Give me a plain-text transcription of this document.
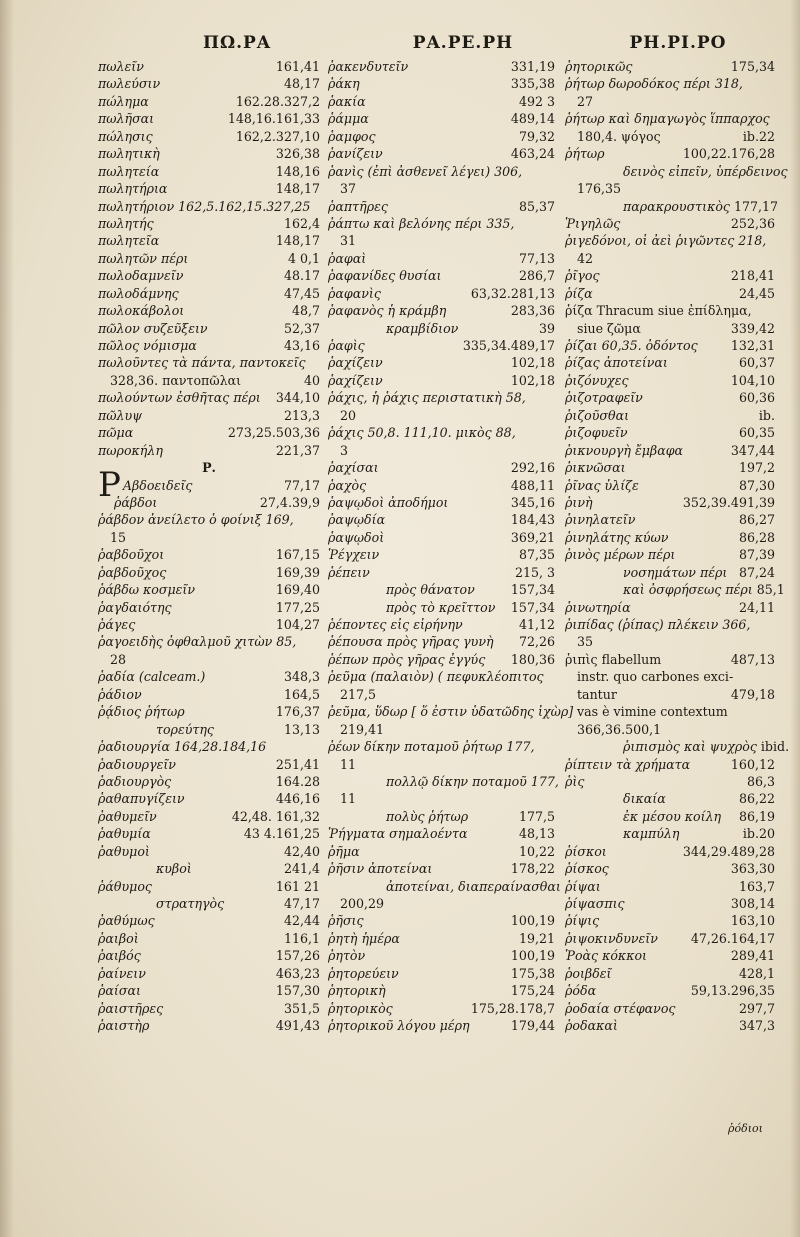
ΠΩ.ΡΑ	ΡΑ.ΡΕ.ΡΗ	ΡΗ.ΡΙ.ΡΟ
πωλεῖν	161,41
πωλεύσιν	48,17
πώλημα	162.28.327,2
πωλῆσαι	148,16.161,33
πώλησις	162,2.327,10
πωλητικὴ	326,38
πωλητεία	148,16
πωλητήρια	148,17
πωλητήριον 162,5.162,15.327,25
πωλητής	162,4
πωλητεῖα	148,17
πωλητῶν πέρι	4 0,1
πωλοδαμνεῖν	48.17
πωλοδάμνης	47,45
πωλοκάβολοι	48,7
πῶλον συζεῦξειν	52,37
πῶλος νόμισμα	43,16
πωλοῦντες τὰ πάντα, παντοκεῖς
328,36. παντοπῶλαι	40
πωλούντων ἐσθῆτας πέρι	344,10
πῶλυψ	213,3
πῶμα	273,25.503,36
πωροκήλη	221,37
Ρ.
ΡΑβδοειδεῖς	77,17
ῥάβδοι	27,4.39,9
ῥάβδον ἀνείλετο ὁ φοίνιξ 169,
15
ῥαβδοῦχοι	167,15
ῥαβδοῦχος	169,39
ῥάβδω κοσμεῖν	169,40
ῥαγδαιότης	177,25
ῥάγες	104,27
ῥαγοειδὴς ὀφθαλμοῦ χιτὼν 85,
28
ῥαδία (calceam.)	348,3
ῥάδιον	164,5
ῥᾴδιος ῥήτωρ	176,37
τορεύτης	13,13
ῥαδιουργία 164,28.184,16
ῥαδιουργεῖν	251,41
ῥαδιουργὸς	164.28
ῥαθαπυγίζειν	446,16
ῥαθυμεῖν	42,48. 161,32
ῥαθυμία	43 4.161,25
ῥαθυμοὶ	42,40
κυβοὶ	241,4
ῥάθυμος	161 21
στρατηγὸς	47,17
ῥαθύμως	42,44
ῥαιβοὶ	116,1
ῥαιβός	157,26
ῥαίνειν	463,23
ῥαίσαι	157,30
ῥαιστῆρες	351,5
ῥαιστὴρ	491,43
ῥακενδυτεῖν	331,19
ῥάκη	335,38
ῥακία	492 3
ῥάμμα	489,14
ῥαμφος	79,32
ῥανίζειν	463,24
ῥανὶς (ἐπὶ ἀσθενεῖ λέγει) 306,
37
ῥαπτῆρες	85,37
ῥάπτω καὶ βελόνης πέρι 335,
31
ῥαφαὶ	77,13
ῥαφανίδες θυσίαι	286,7
ῥαφανὶς	63,32.281,13
ῥαφανὸς ἡ κράμβη	283,36
κραμβίδιον	39
ῥαφὶς	335,34.489,17
ῥαχίζειν	102,18
ῥαχίζειν	102,18
ῥάχις, ἡ ῥάχις περιστατικὴ 58,
20
ῥάχις 50,8. 111,10. μικὸς 88,
3
ῥαχίσαι	292,16
ῥαχὸς	488,11
ῥαψῳδοὶ ἀποδήμοι	345,16
ῥαψῳδία	184,43
ῥαψῳδοὶ	369,21
Ῥέγχειν	87,35
ῥέπειν	215, 3
πρὸς θάνατον	157,34
πρὸς τὸ κρεῖττον	157,34
ῥέποντες εἰς εἰρήνην	41,12
ῥέπουσα πρὸς γῆρας γυνὴ	72,26
ῥέπων πρὸς γῆρας ἐγγύς	180,36
ῥεῦμα (παλαιὸν) ( πεφυκλέοπιτος
217,5
ῥεῦμα, ὕδωρ [ ὅ ἐστιν ὑδατῶδης ἰχὼρ]
219,41
ῥέων δίκην ποταμοῦ ῥήτωρ 177,
11
πολλῷ δίκην ποταμοῦ 177,
11
πολὺς ῥήτωρ	177,5
Ῥήγματα σημαλοέντα	48,13
ῥῆμα	10,22
ῥῆσιν ἀποτείναι	178,22
ἀποτείναι, διαπεραίνασθαι
200,29
ῥῆσις	100,19
ῥητὴ ἡμέρα	19,21
ῥητὸν	100,19
ῥητορεύειν	175,38
ῥητορικὴ	175,24
ῥητορικὸς	175,28.178,7
ῥητορικοῦ λόγου μέρη	179,44
ῥητορικῶς	175,34
ῥήτωρ δωροδόκος πέρι 318,
27
ῥήτωρ καὶ δημαγωγὸς ἵππαρχος
180,4. ψόγος	ib.22
ῥήτωρ	100,22.176,28
δεινὸς εἰπεῖν, ὑπέρδεινος
176,35
παρακρουστικὸς 177,17
Ῥιγηλῶς	252,36
ῥιγεδόνοι, οἱ ἀεὶ ῥιγῶντες 218,
42
ῥῖγος	218,41
ῥίζα	24,45
ῥίζα Thracum siue ἐπίδλημα,
siue ζῶμα	339,42
ῥίζαι 60,35. ὀδόντος	132,31
ῥίζας ἀποτείναι	60,37
ῥιζόνυχες	104,10
ῥιζοτραφεῖν	60,36
ῥιζοῦσθαι	ib.
ῥιζοφυεῖν	60,35
ῥικνουργὴ ἔμβαφα	347,44
ῥικνῶσαι	197,2
ῥῖνας ὑλίζε	87,30
ῥινὴ	352,39.491,39
ῥινηλατεῖν	86,27
ῥινηλάτης κύων	86,28
ῥινὸς μέρων πέρι	87,39
νοσημάτων πέρι 87,24
καὶ ὀσφρήσεως πέρι 85,1
ῥινωτηρία	24,11
ῥιπίδας (ῥίπας) πλέκειν 366,
35
ῥιπὶς flabellum	487,13
instr. quo carbones exci-
tantur	479,18
vas è vimine contextum
366,36.500,1
ῥιπισμὸς καὶ ψυχρὸς ibid.
ῥίπτειν τὰ χρήματα	160,12
ῥὶς	86,3
δικαία	86,22
ἐκ μέσου κοίλη	86,19
καμπύλη	ib.20
ῥίσκοι	344,29.489,28
ῥίσκος	363,30
ῥίψαι	163,7
ῥίψασπις	308,14
ῥίψις	163,10
ῥιψοκινδυνεῖν	47,26.164,17
Ῥοὰς κόκκοι	289,41
ῥοιβδεῖ	428,1
ῥόδα	59,13.296,35
ῥοδαία στέφανος	297,7
ῥοδακαὶ	347,3
ῥόδιοι
